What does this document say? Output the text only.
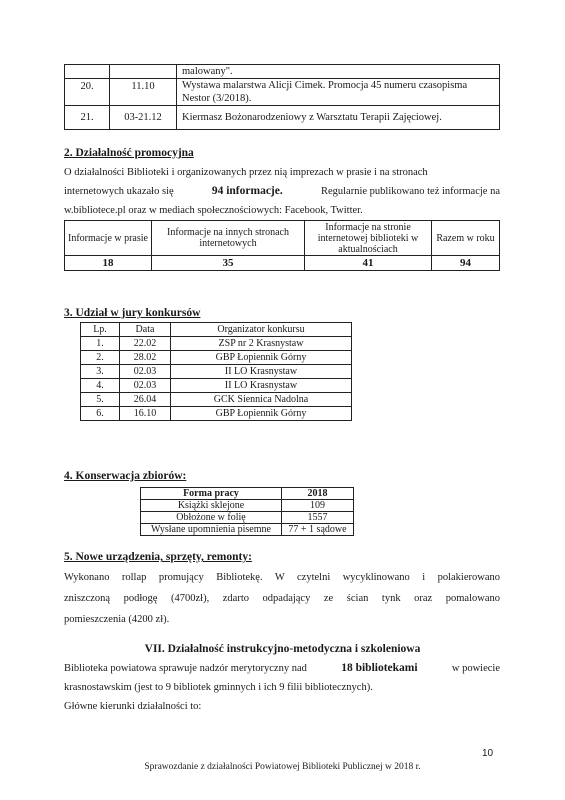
		malowany".
20.	11.10	Wystawa malarstwa Alicji Cimek. Promocja 45 numeru czasopisma
Nestor (3/2018).

21.	03-21.12	Kiermasz Bożonarodzeniowy z Warsztatu Terapii Zajęciowej.
2. Działalność promocyjna
O działalności Biblioteki i organizowanych przez nią imprezach w prasie i na stronach
internetowych ukazało się	94 informacje.	Regularnie publikowano też informacje na
w.bibliotece.pl oraz w mediach społecznościowych: Facebook, Twitter.
Informacje w prasie	Informacje na innych stronach internetowych	Informacje na stronie internetowej biblioteki w aktualnościach	Razem w roku
18	35	41	94
3. Udział w jury konkursów
Lp.	Data	Organizator konkursu
1.	22.02	ZSP nr 2 Krasnystaw
2.	28.02	GBP Łopiennik Górny
3.	02.03	II LO Krasnystaw
4.	02.03	II LO Krasnystaw
5.	26.04	GCK Siennica Nadolna
6.	16.10	GBP Łopiennik Górny
4. Konserwacja zbiorów:
Forma pracy	2018
Książki sklejone	109
Obłożone w folię	1557
Wysłane upomnienia pisemne	77 + 1 sądowe
5. Nowe urządzenia, sprzęty, remonty:
Wykonano rollap promujący Bibliotekę. W czytelni wycyklinowano i polakierowano
zniszczoną podłogę (4700zł), zdarto odpadający ze ścian tynk oraz pomalowano
pomieszczenia (4200 zł).
VII. Działalność instrukcyjno-metodyczna i szkoleniowa
Biblioteka powiatowa sprawuje nadzór merytoryczny nad	18 bibliotekami	w powiecie
krasnostawskim (jest to 9 bibliotek gminnych i ich 9 filii bibliotecznych).
Główne kierunki działalności to:
10
Sprawozdanie z działalności Powiatowej Biblioteki Publicznej w 2018 r.
